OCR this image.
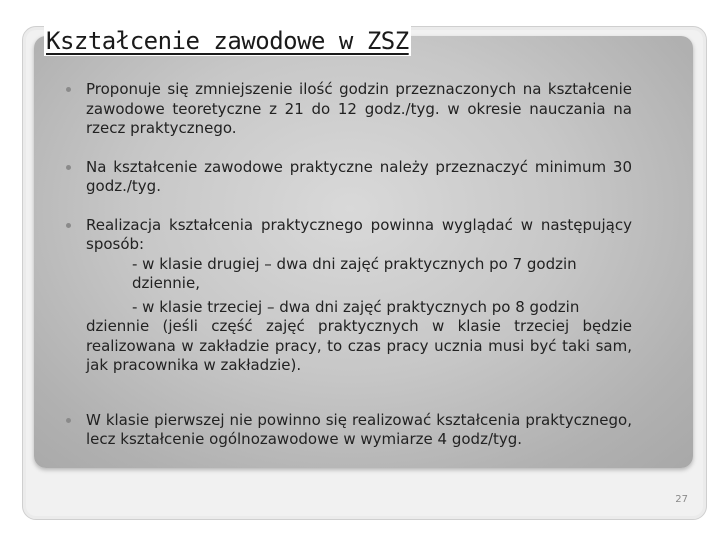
Kształcenie zawodowe w ZSZ
Proponuje się zmniejszenie ilość godzin przeznaczonych na kształcenie zawodowe teoretyczne z 21 do 12 godz./tyg. w okresie nauczania na rzecz praktycznego.
Na kształcenie zawodowe praktyczne należy przeznaczyć minimum 30 godz./tyg.
Realizacja kształcenia praktycznego powinna wyglądać w następujący sposób:
- w klasie drugiej – dwa dni zajęć praktycznych po 7 godzin dziennie,
- w klasie trzeciej – dwa dni zajęć praktycznych po 8 godzin
dziennie (jeśli część zajęć praktycznych w klasie trzeciej będzie realizowana w zakładzie pracy, to czas pracy ucznia musi być taki sam, jak pracownika w zakładzie).
W klasie pierwszej nie powinno się realizować kształcenia praktycznego, lecz kształcenie ogólnozawodowe w wymiarze 4 godz/tyg.
27
